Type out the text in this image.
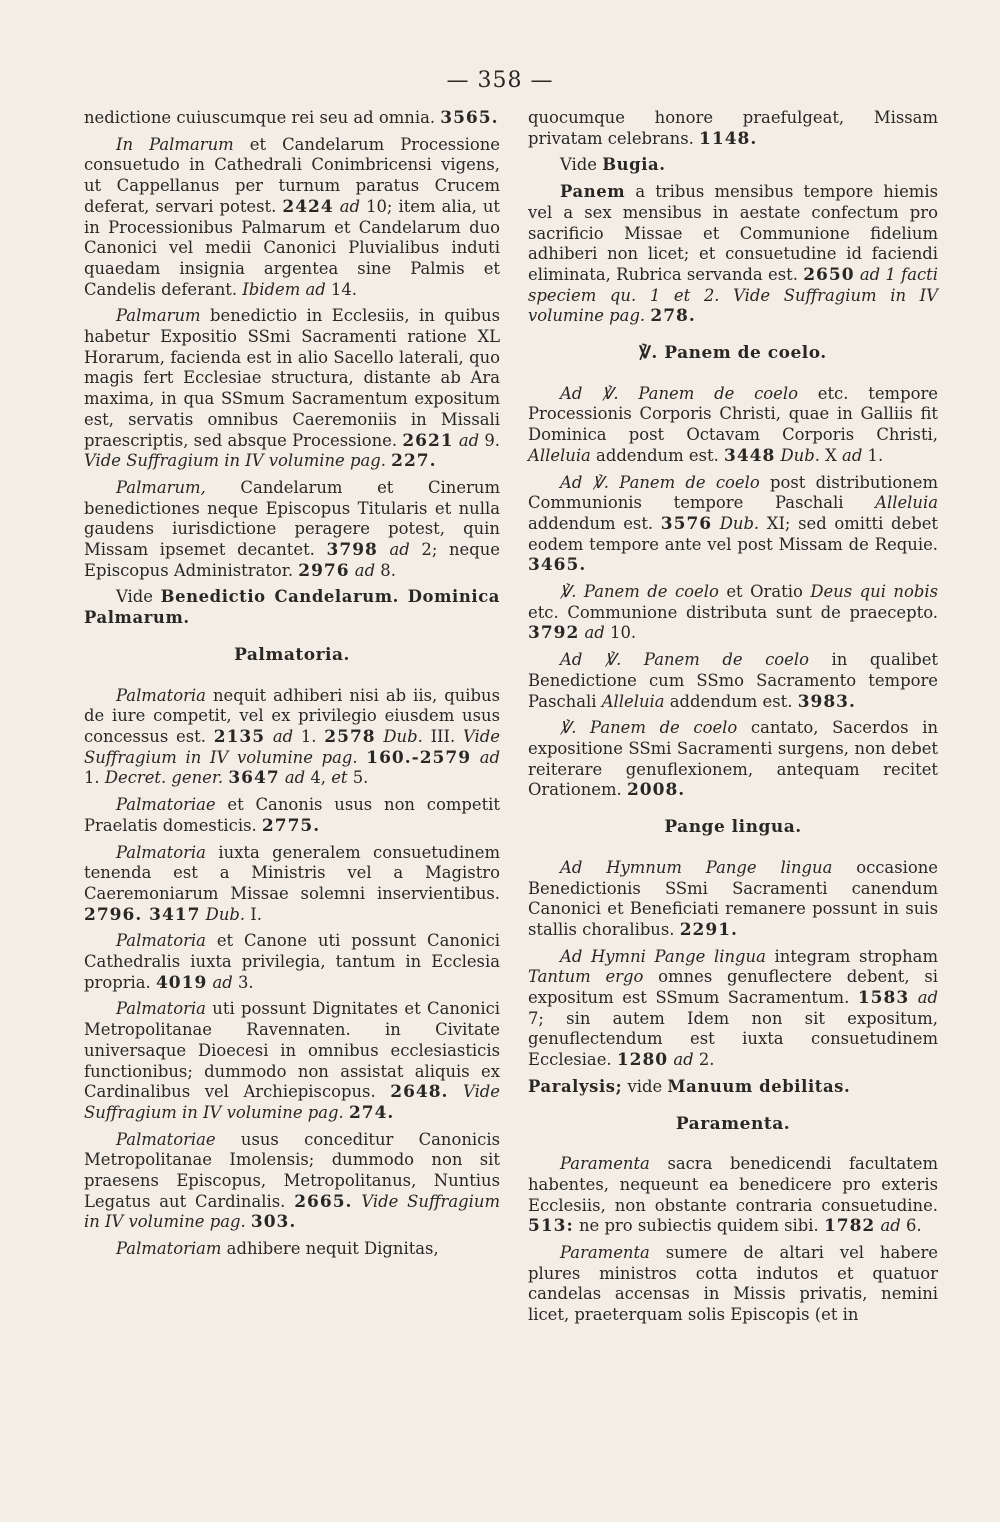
— 358 —

nedictione cuiuscumque rei seu ad omnia. 3565.

In Palmarum et Candelarum Processione consuetudo in Cathedrali Conimbricensi vigens, ut Cappellanus per turnum paratus Crucem deferat, servari potest. 2424 ad 10; item alia, ut in Processionibus Palmarum et Candelarum duo Canonici vel medii Canonici Pluvialibus induti quaedam insignia argentea sine Palmis et Candelis deferant. Ibidem ad 14.

Palmarum benedictio in Ecclesiis, in quibus habetur Expositio SSmi Sacramenti ratione XL Horarum, facienda est in alio Sacello laterali, quo magis fert Ecclesiae structura, distante ab Ara maxima, in qua SSmum Sacramentum expositum est, servatis omnibus Caeremoniis in Missali praescriptis, sed absque Processione. 2621 ad 9. Vide Suffragium in IV volumine pag. 227.

Palmarum, Candelarum et Cinerum benedictiones neque Episcopus Titularis et nulla gaudens iurisdictione peragere potest, quin Missam ipsemet decantet. 3798 ad 2; neque Episcopus Administrator. 2976 ad 8.

Vide Benedictio Candelarum. Dominica Palmarum.

Palmatoria.

Palmatoria nequit adhiberi nisi ab iis, quibus de iure competit, vel ex privilegio eiusdem usus concessus est. 2135 ad 1. 2578 Dub. III. Vide Suffragium in IV volumine pag. 160.-2579 ad 1. Decret. gener. 3647 ad 4, et 5.

Palmatoriae et Canonis usus non competit Praelatis domesticis. 2775.

Palmatoria iuxta generalem consuetudinem tenenda est a Ministris vel a Magistro Caeremoniarum Missae solemni inservientibus. 2796. 3417 Dub. I.

Palmatoria et Canone uti possunt Canonici Cathedralis iuxta privilegia, tantum in Ecclesia propria. 4019 ad 3.

Palmatoria uti possunt Dignitates et Canonici Metropolitanae Ravennaten. in Civitate universaque Dioecesi in omnibus ecclesiasticis functionibus; dummodo non assistat aliquis ex Cardinalibus vel Archiepiscopus. 2648. Vide Suffragium in IV volumine pag. 274.

Palmatoriae usus conceditur Canonicis Metropolitanae Imolensis; dummodo non sit praesens Episcopus, Metropolitanus, Nuntius Legatus aut Cardinalis. 2665. Vide Suffragium in IV volumine pag. 303.

Palmatoriam adhibere nequit Dignitas,

quocumque honore praefulgeat, Missam privatam celebrans. 1148.

Vide Bugia.

Panem a tribus mensibus tempore hiemis vel a sex mensibus in aestate confectum pro sacrificio Missae et Communione fidelium adhiberi non licet; et consuetudine id faciendi eliminata, Rubrica servanda est. 2650 ad 1 facti speciem qu. 1 et 2. Vide Suffragium in IV volumine pag. 278.

℣. Panem de coelo.

Ad ℣. Panem de coelo etc. tempore Processionis Corporis Christi, quae in Galliis fit Dominica post Octavam Corporis Christi, Alleluia addendum est. 3448 Dub. X ad 1.

Ad ℣. Panem de coelo post distributionem Communionis tempore Paschali Alleluia addendum est. 3576 Dub. XI; sed omitti debet eodem tempore ante vel post Missam de Requie. 3465.

℣. Panem de coelo et Oratio Deus qui nobis etc. Communione distributa sunt de praecepto. 3792 ad 10.

Ad ℣. Panem de coelo in qualibet Benedictione cum SSmo Sacramento tempore Paschali Alleluia addendum est. 3983.

℣. Panem de coelo cantato, Sacerdos in expositione SSmi Sacramenti surgens, non debet reiterare genuflexionem, antequam recitet Orationem. 2008.

Pange lingua.

Ad Hymnum Pange lingua occasione Benedictionis SSmi Sacramenti canendum Canonici et Beneficiati remanere possunt in suis stallis choralibus. 2291.

Ad Hymni Pange lingua integram stropham Tantum ergo omnes genuflectere debent, si expositum est SSmum Sacramentum. 1583 ad 7; sin autem Idem non sit expositum, genuflectendum est iuxta consuetudinem Ecclesiae. 1280 ad 2.

Paralysis; vide Manuum debilitas.

Paramenta.

Paramenta sacra benedicendi facultatem habentes, nequeunt ea benedicere pro exteris Ecclesiis, non obstante contraria consuetudine. 513: ne pro subiectis quidem sibi. 1782 ad 6.

Paramenta sumere de altari vel habere plures ministros cotta indutos et quatuor candelas accensas in Missis privatis, nemini licet, praeterquam solis Episcopis (et in
